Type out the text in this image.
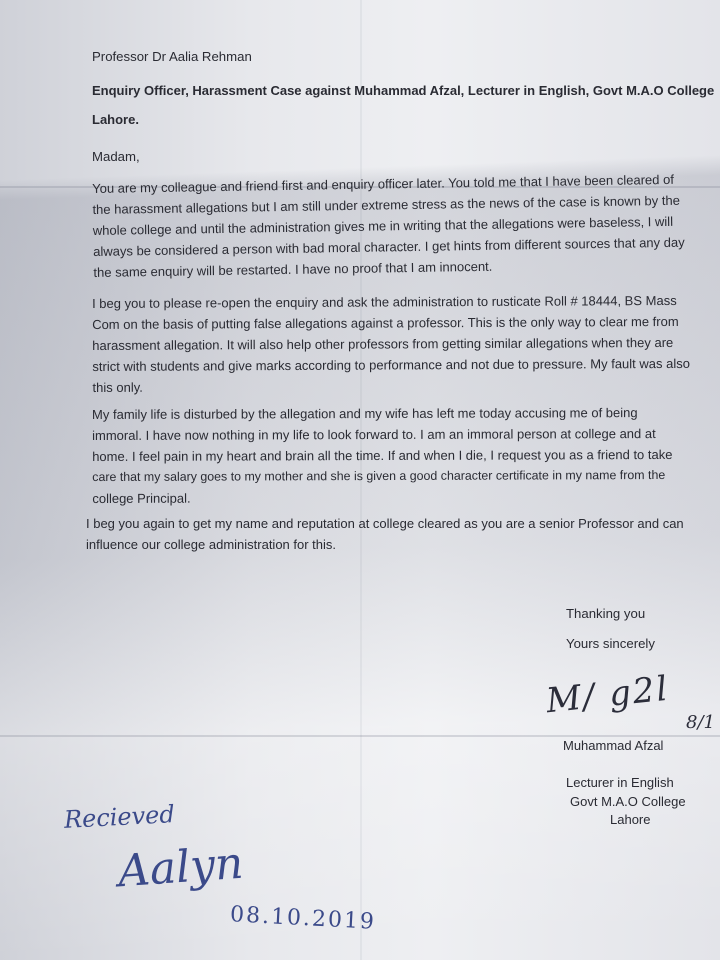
Professor Dr Aalia Rehman
Enquiry Officer, Harassment Case against Muhammad Afzal, Lecturer in English, Govt M.A.O College
Lahore.
Madam,
You are my colleague and friend first and enquiry officer later. You told me that I have been cleared of
the harassment allegations but I am still under extreme stress as the news of the case is known by the
whole college and until the administration gives me in writing that the allegations were baseless, I will
always be considered a person with bad moral character. I get hints from different sources that any day
the same enquiry will be restarted. I have no proof that I am innocent.
I beg you to please re-open the enquiry and ask the administration to rusticate Roll # 18444, BS Mass
Com on the basis of putting false allegations against a professor. This is the only way to clear me from
harassment allegation. It will also help other professors from getting similar allegations when they are
strict with students and give marks according to performance and not due to pressure. My fault was also
this only.
My family life is disturbed by the allegation and my wife has left me today accusing me of being
immoral. I have now nothing in my life to look forward to. I am an immoral person at college and at
home. I feel pain in my heart and brain all the time. If and when I die, I request you as a friend to take
care that my salary goes to my mother and she is given a good character certificate in my name from the
college Principal.
I beg you again to get my name and reputation at college cleared as you are a senior Professor and can
influence our college administration for this.
Thanking you
Yours sincerely
M/ g2l
8/1
Muhammad Afzal
Lecturer in English
Govt M.A.O College
Lahore
Recieved
Aalyn
08.10.2019
